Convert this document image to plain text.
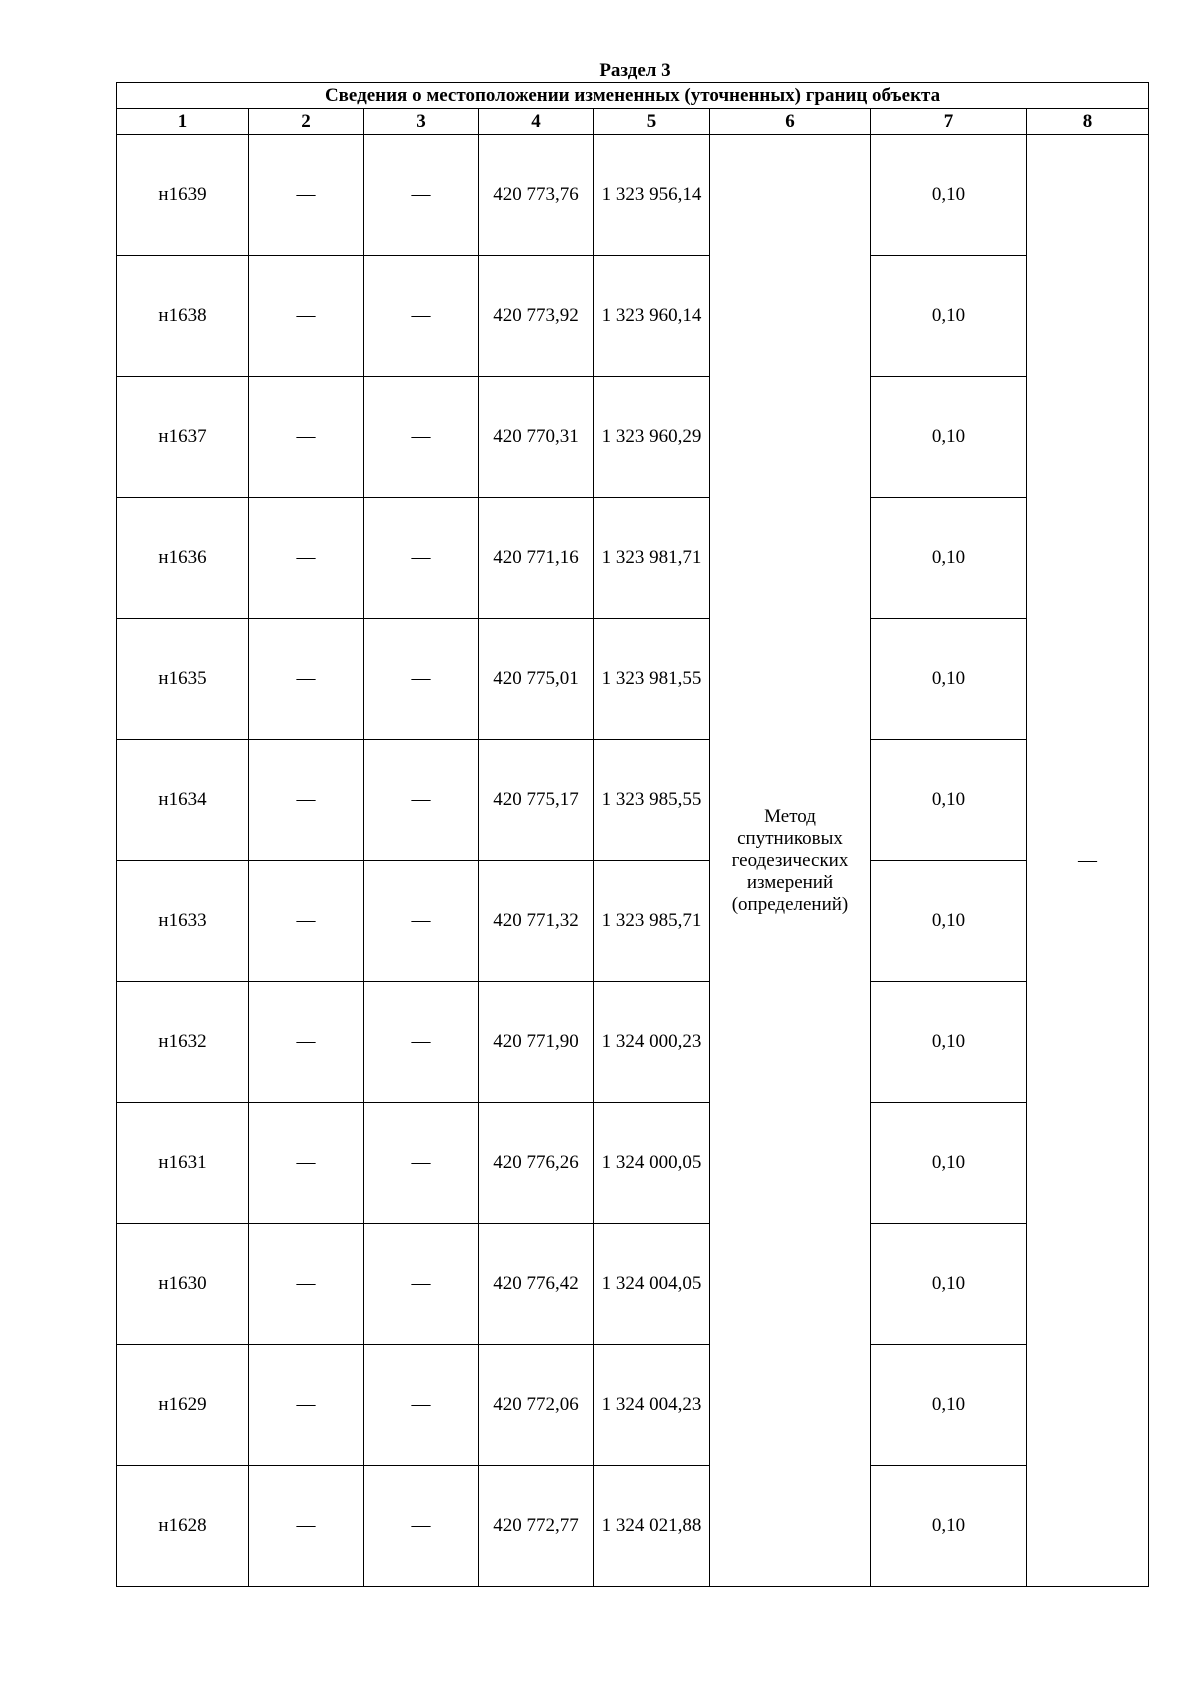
Раздел 3
Сведения о местоположении измененных (уточненных) границ объекта							
1	2	3	4	5	6	7	8
н1639	—	—	420 773,76	1 323 956,14	Метод спутниковых геодезических измерений (определений)	0,10	—
н1638	—	—	420 773,92	1 323 960,14		0,10	
н1637	—	—	420 770,31	1 323 960,29		0,10	
н1636	—	—	420 771,16	1 323 981,71		0,10	
н1635	—	—	420 775,01	1 323 981,55		0,10	
н1634	—	—	420 775,17	1 323 985,55		0,10	
н1633	—	—	420 771,32	1 323 985,71		0,10	
н1632	—	—	420 771,90	1 324 000,23		0,10	
н1631	—	—	420 776,26	1 324 000,05		0,10	
н1630	—	—	420 776,42	1 324 004,05		0,10	
н1629	—	—	420 772,06	1 324 004,23		0,10	
н1628	—	—	420 772,77	1 324 021,88		0,10	
